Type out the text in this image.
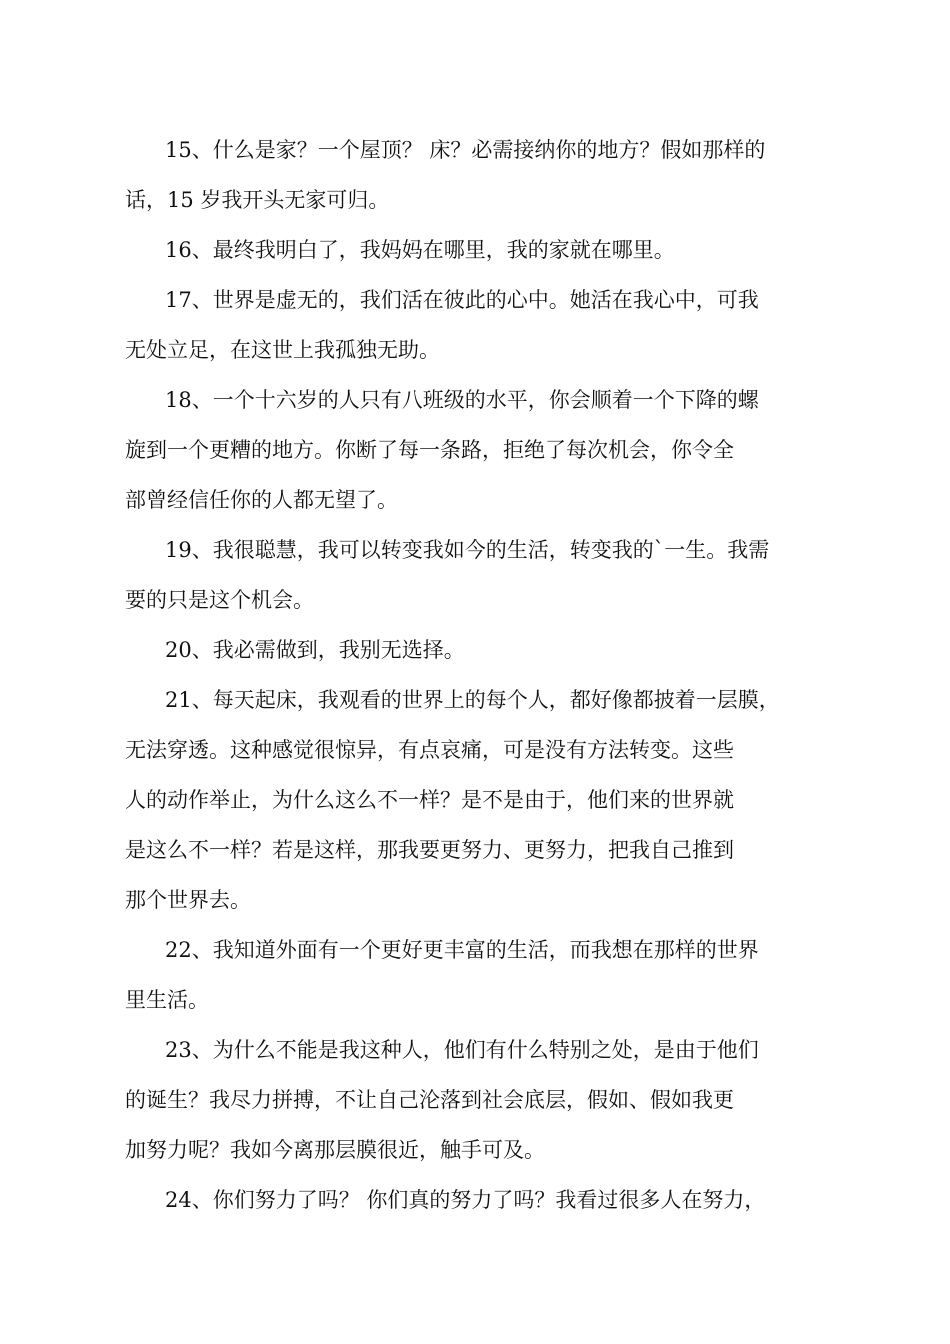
15、什么是家？一个屋顶？ 床？必需接纳你的地方？假如那样的
话，15 岁我开头无家可归。

16、最终我明白了，我妈妈在哪里，我的家就在哪里。

17、世界是虚无的，我们活在彼此的心中。她活在我心中，可我
无处立足，在这世上我孤独无助。

18、一个十六岁的人只有八班级的水平，你会顺着一个下降的螺
旋到一个更糟的地方。你断了每一条路，拒绝了每次机会，你令全
部曾经信任你的人都无望了。

19、我很聪慧，我可以转变我如今的生活，转变我的`一生。我需
要的只是这个机会。

20、我必需做到，我别无选择。

21、每天起床，我观看的世界上的每个人，都好像都披着一层膜，
无法穿透。这种感觉很惊异，有点哀痛，可是没有方法转变。这些
人的动作举止，为什么这么不一样？是不是由于，他们来的世界就
是这么不一样？若是这样，那我要更努力、更努力，把我自己推到
那个世界去。

22、我知道外面有一个更好更丰富的生活，而我想在那样的世界
里生活。

23、为什么不能是我这种人，他们有什么特别之处，是由于他们
的诞生？我尽力拼搏，不让自己沦落到社会底层，假如、假如我更
加努力呢？我如今离那层膜很近，触手可及。

24、你们努力了吗？ 你们真的努力了吗？我看过很多人在努力，
